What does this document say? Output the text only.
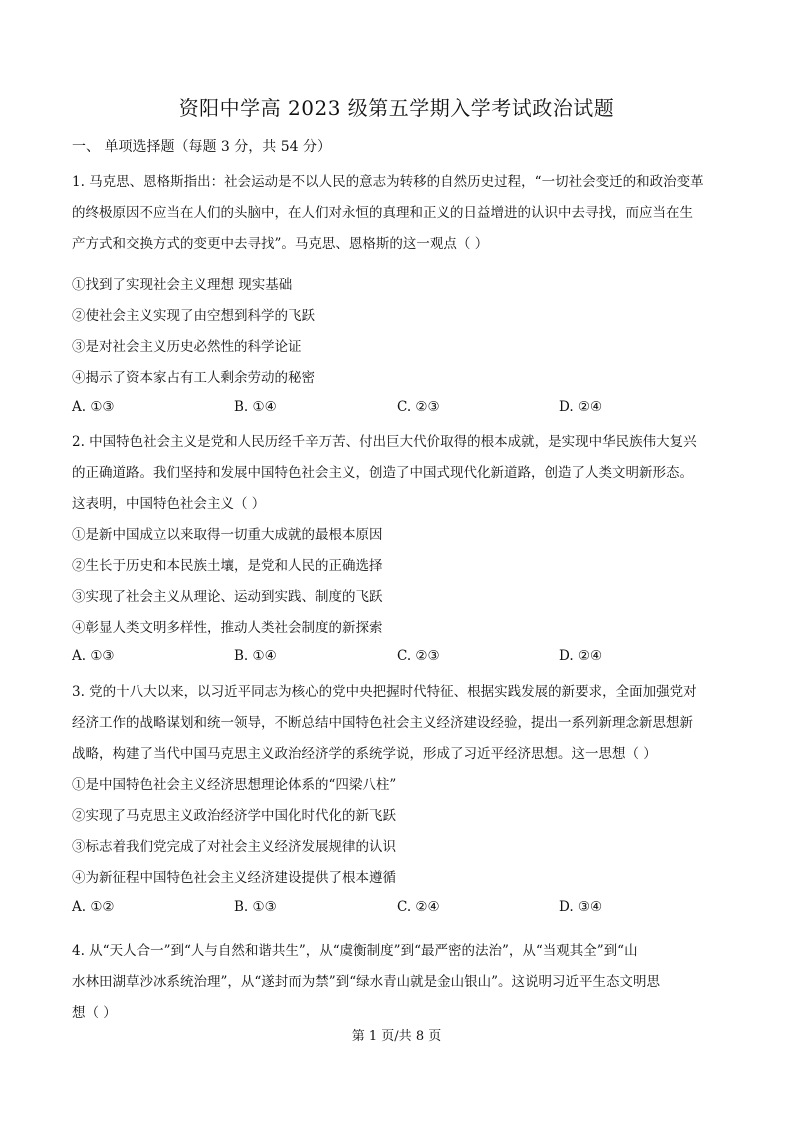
资阳中学高 2023 级第五学期入学考试政治试题
一、 单项选择题（每题 3 分，共 54 分）
1. 马克思、恩格斯指出：社会运动是不以人民的意志为转移的自然历史过程，“一切社会变迁的和政治变革
的终极原因不应当在人们的头脑中，在人们对永恒的真理和正义的日益增进的认识中去寻找，而应当在生
产方式和交换方式的变更中去寻找”。马克思、恩格斯的这一观点（ ）
①找到了实现社会主义理想 现实基础
②使社会主义实现了由空想到科学的飞跃
③是对社会主义历史必然性的科学论证
④揭示了资本家占有工人剩余劳动的秘密
A. ①③	B. ①④	C. ②③	D. ②④
2. 中国特色社会主义是党和人民历经千辛万苦、付出巨大代价取得的根本成就，是实现中华民族伟大复兴
的正确道路。我们坚持和发展中国特色社会主义，创造了中国式现代化新道路，创造了人类文明新形态。
这表明，中国特色社会主义（ ）
①是新中国成立以来取得一切重大成就的最根本原因
②生长于历史和本民族土壤，是党和人民的正确选择
③实现了社会主义从理论、运动到实践、制度的飞跃
④彰显人类文明多样性，推动人类社会制度的新探索
A. ①③	B. ①④	C. ②③	D. ②④
3. 党的十八大以来，以习近平同志为核心的党中央把握时代特征、根据实践发展的新要求，全面加强党对
经济工作的战略谋划和统一领导，不断总结中国特色社会主义经济建设经验，提出一系列新理念新思想新
战略，构建了当代中国马克思主义政治经济学的系统学说，形成了习近平经济思想。这一思想（ ）
①是中国特色社会主义经济思想理论体系的“四梁八柱”
②实现了马克思主义政治经济学中国化时代化的新飞跃
③标志着我们党完成了对社会主义经济发展规律的认识
④为新征程中国特色社会主义经济建设提供了根本遵循
A. ①②	B. ①③	C. ②④	D. ③④
4. 从“天人合一”到“人与自然和谐共生”，从“虞衡制度”到“最严密的法治”，从“当观其全”到“山
水林田湖草沙冰系统治理”，从“遂封而为禁”到“绿水青山就是金山银山”。这说明习近平生态文明思
想（ ）
第 1 页/共 8 页
